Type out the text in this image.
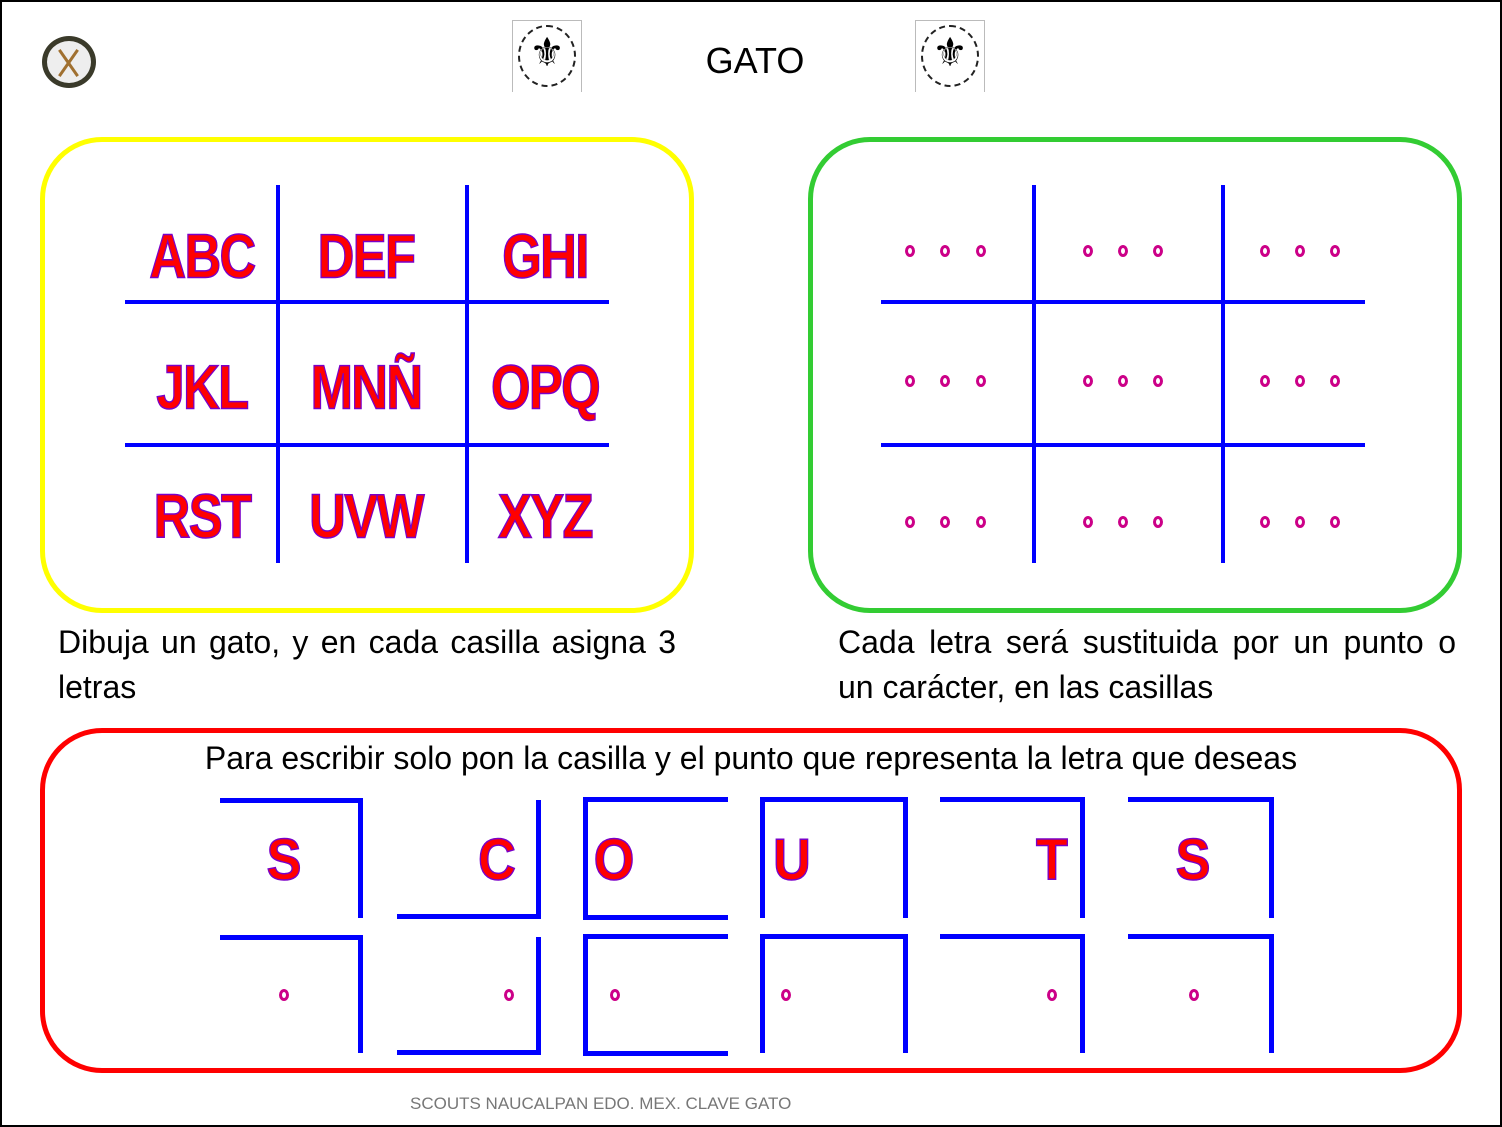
⚜	GATO	⚜
ABC DEF GHI
JKL MNÑ OPQ
RST UVW XYZ
Dibuja un gato, y en cada casilla asigna 3 letras
Cada letra será sustituida por un punto o un carácter, en las casillas
Para escribir solo pon la casilla y el punto que representa la letra que deseas
S	C O U	T S
SCOUTS NAUCALPAN EDO. MEX. CLAVE GATO
